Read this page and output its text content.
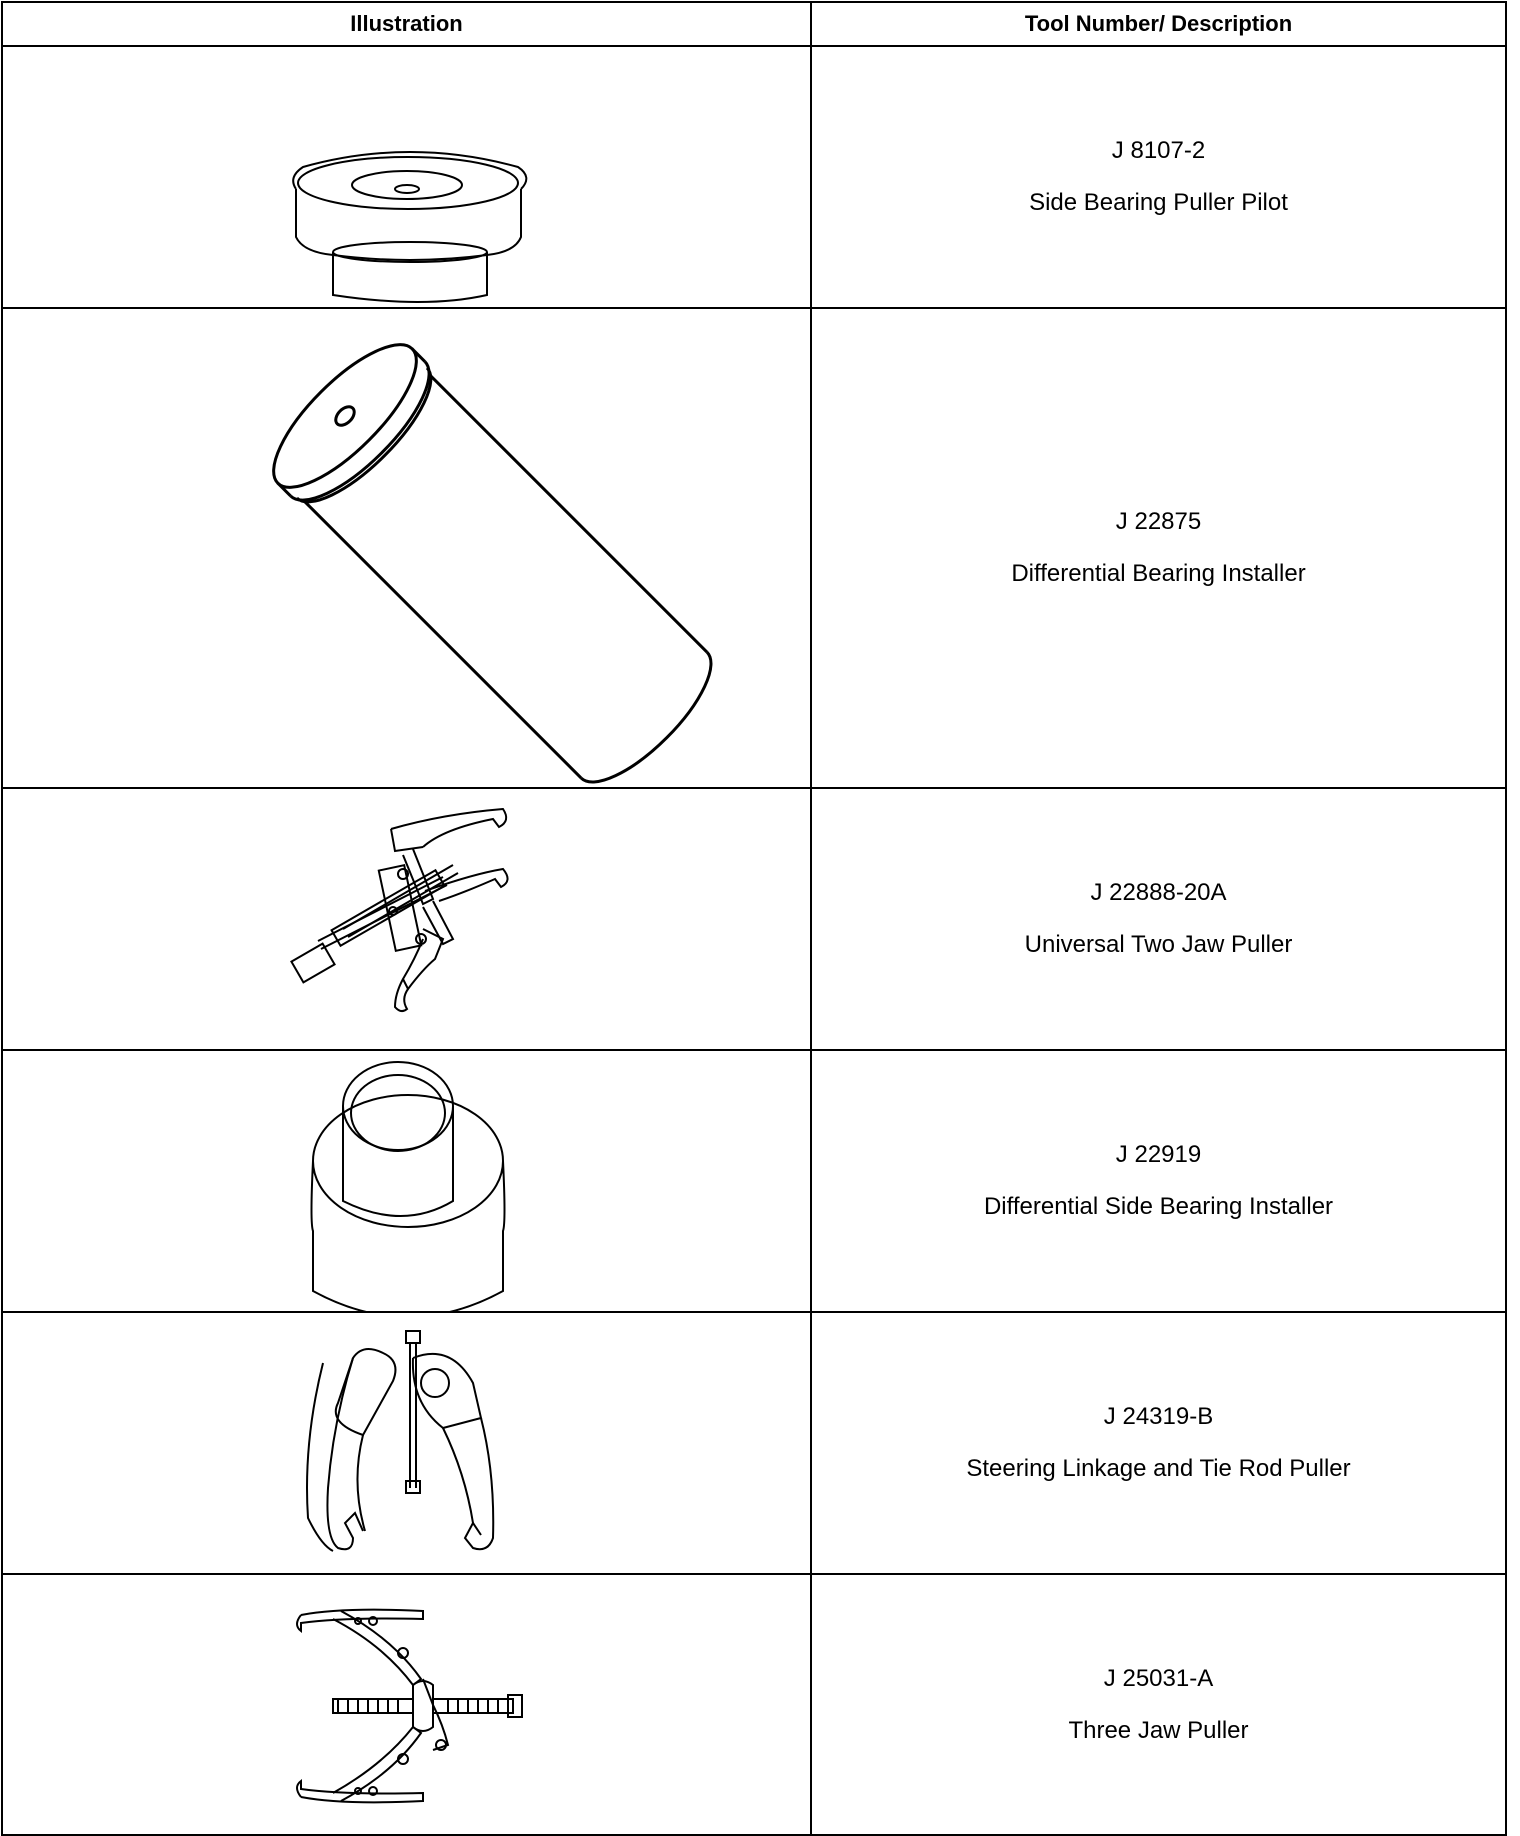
Illustration	Tool Number/ Description

J 8107-2
Side Bearing Puller Pilot

J 22875
Differential Bearing Installer

J 22888-20A
Universal Two Jaw Puller

J 22919
Differential Side Bearing Installer

J 24319-B
Steering Linkage and Tie Rod Puller

J 25031-A
Three Jaw Puller
